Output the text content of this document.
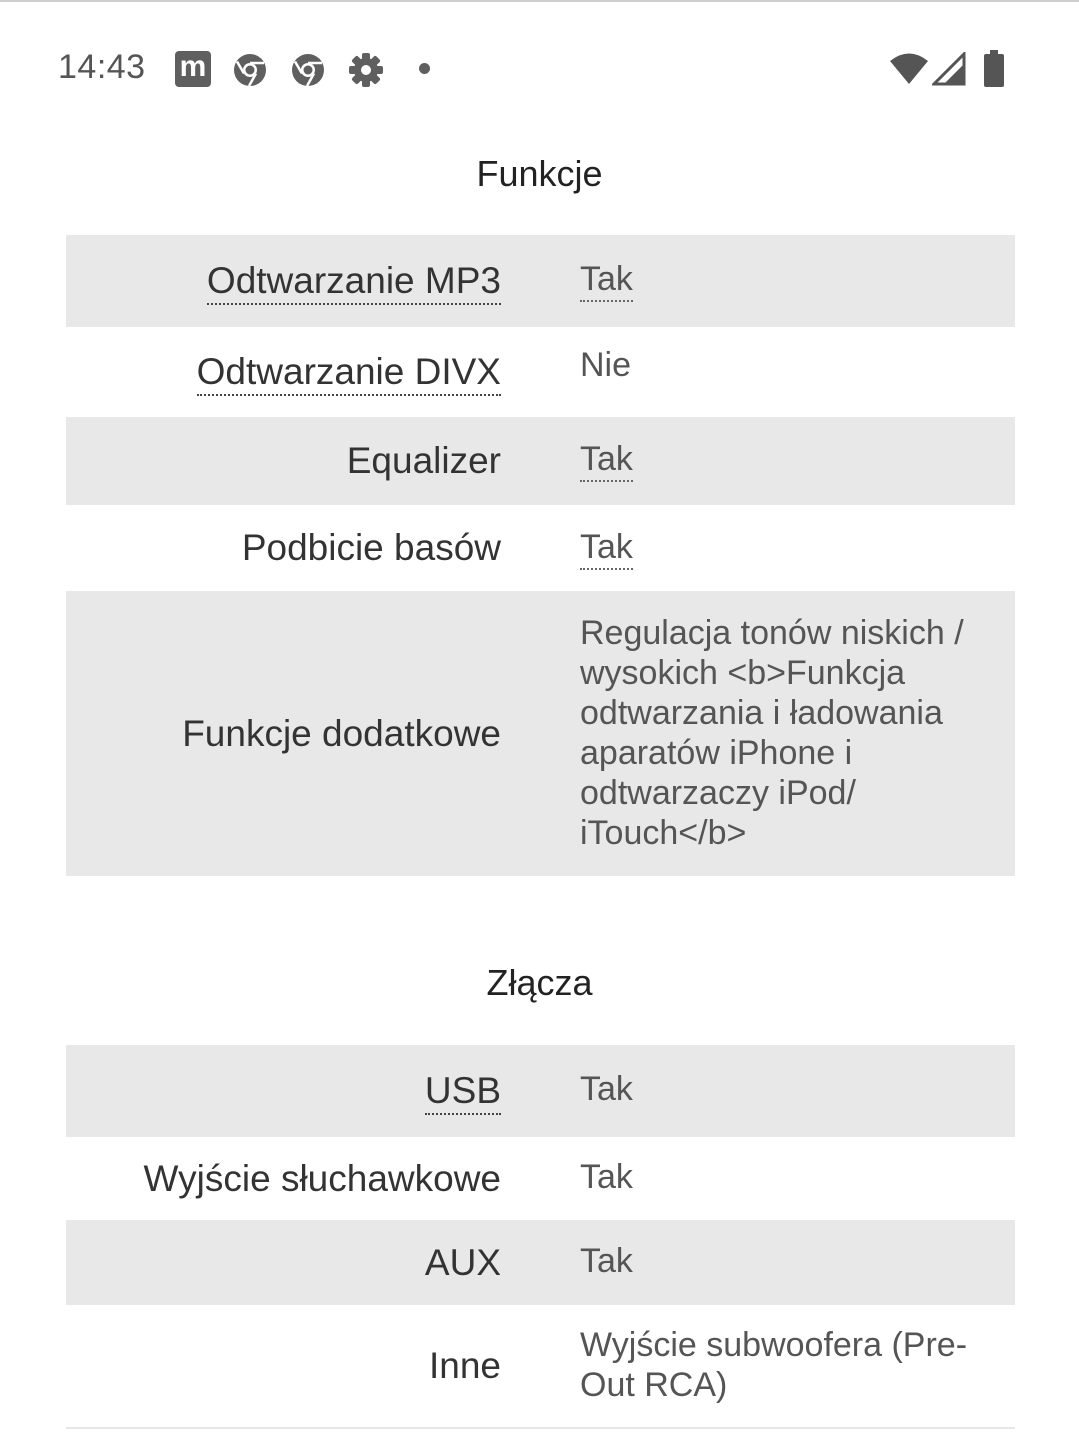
14:43 m
Funkcje
Odtwarzanie MP3 Tak
Odtwarzanie DIVX Nie
Equalizer Tak
Podbicie basów Tak
Funkcje dodatkowe
Regulacja tonów niskich / wysokich <b>Funkcja odtwarzania i ładowania aparatów iPhone i odtwarzaczy iPod/ iTouch</b>
Złącza
USB Tak
Wyjście słuchawkowe Tak
AUX Tak
Inne Wyjście subwoofera (Pre-Out RCA)
